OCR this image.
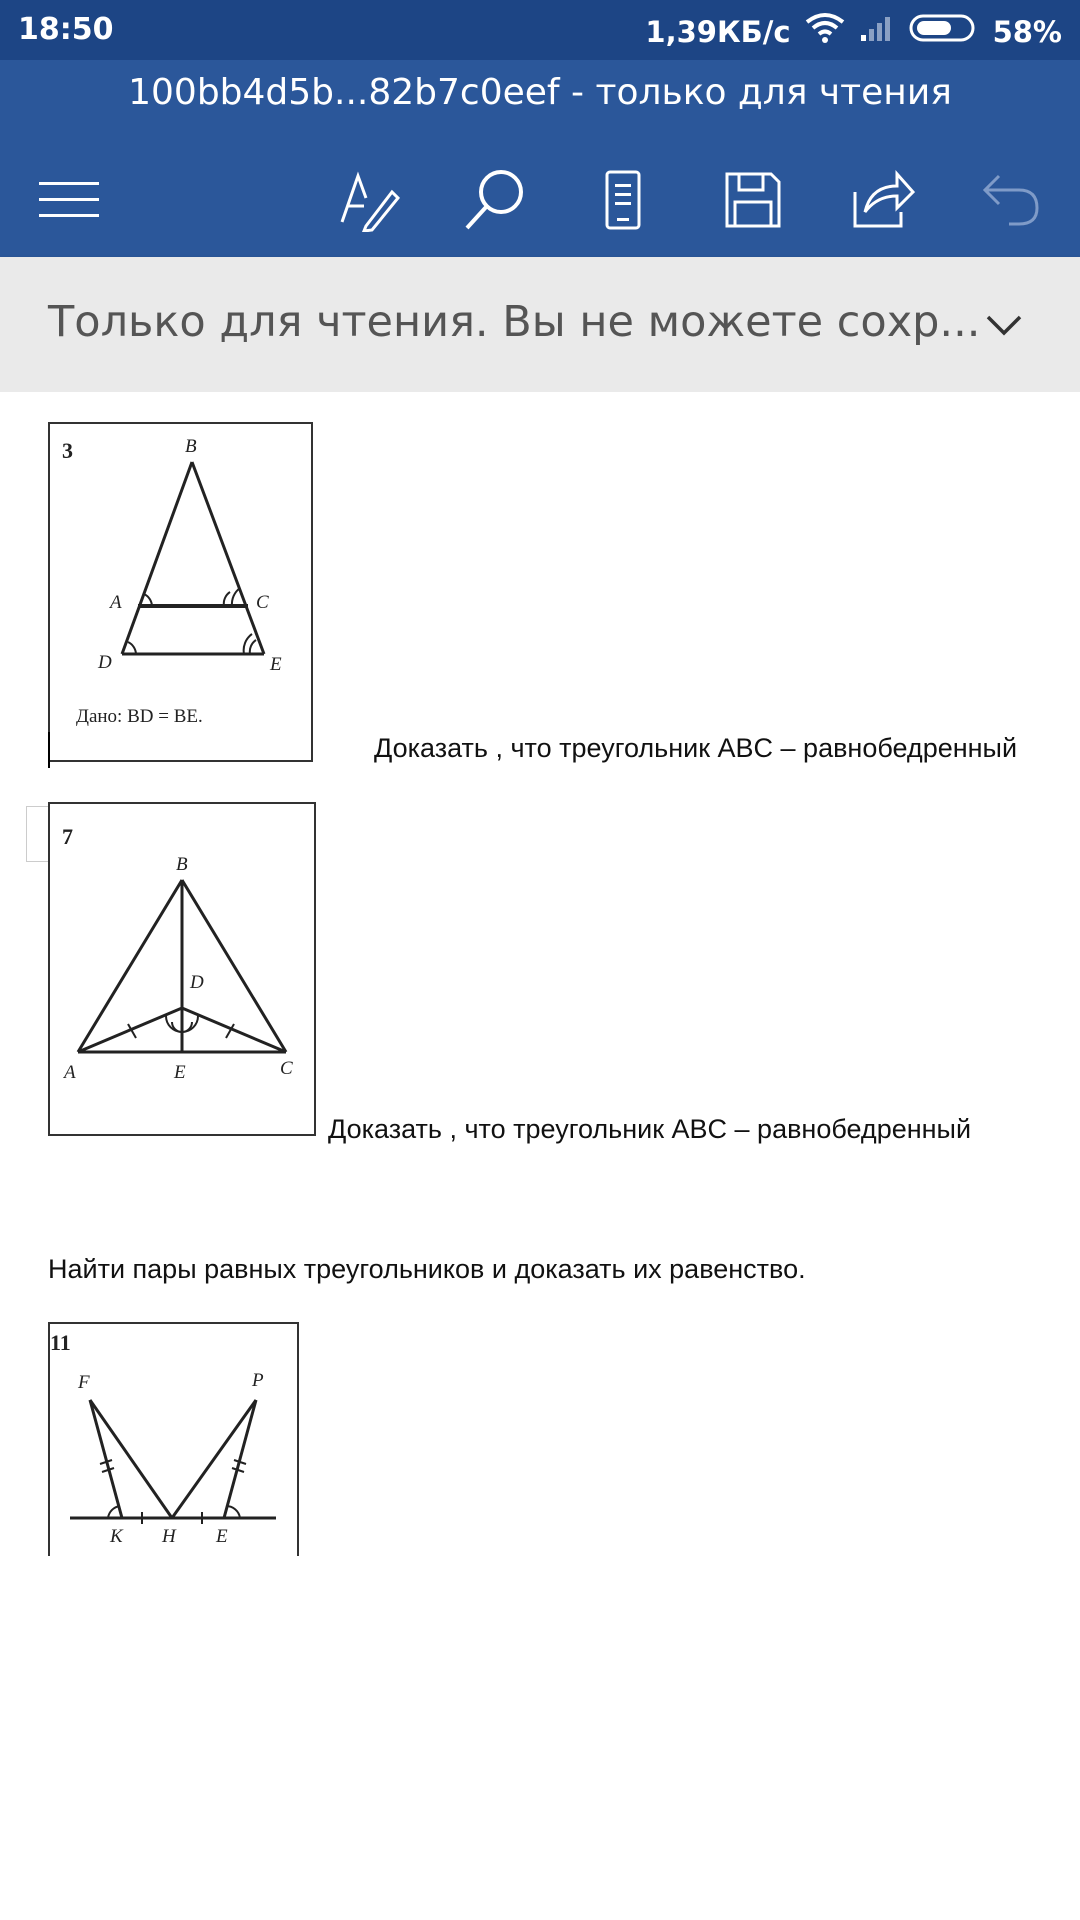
18:50	1,39КБ/с	58%
100bb4d5b...82b7c0eef - только для чтения
Только для чтения. Вы не можете сохр...
3	B
A	C
D	E
Дано: BD = BE.
Доказать , что треугольник ABC – равнобедренный
7
B
D
A	E	C
Доказать , что треугольник ABC – равнобедренный
Найти пары равных треугольников и доказать их равенство.
11
F	P
K H E
